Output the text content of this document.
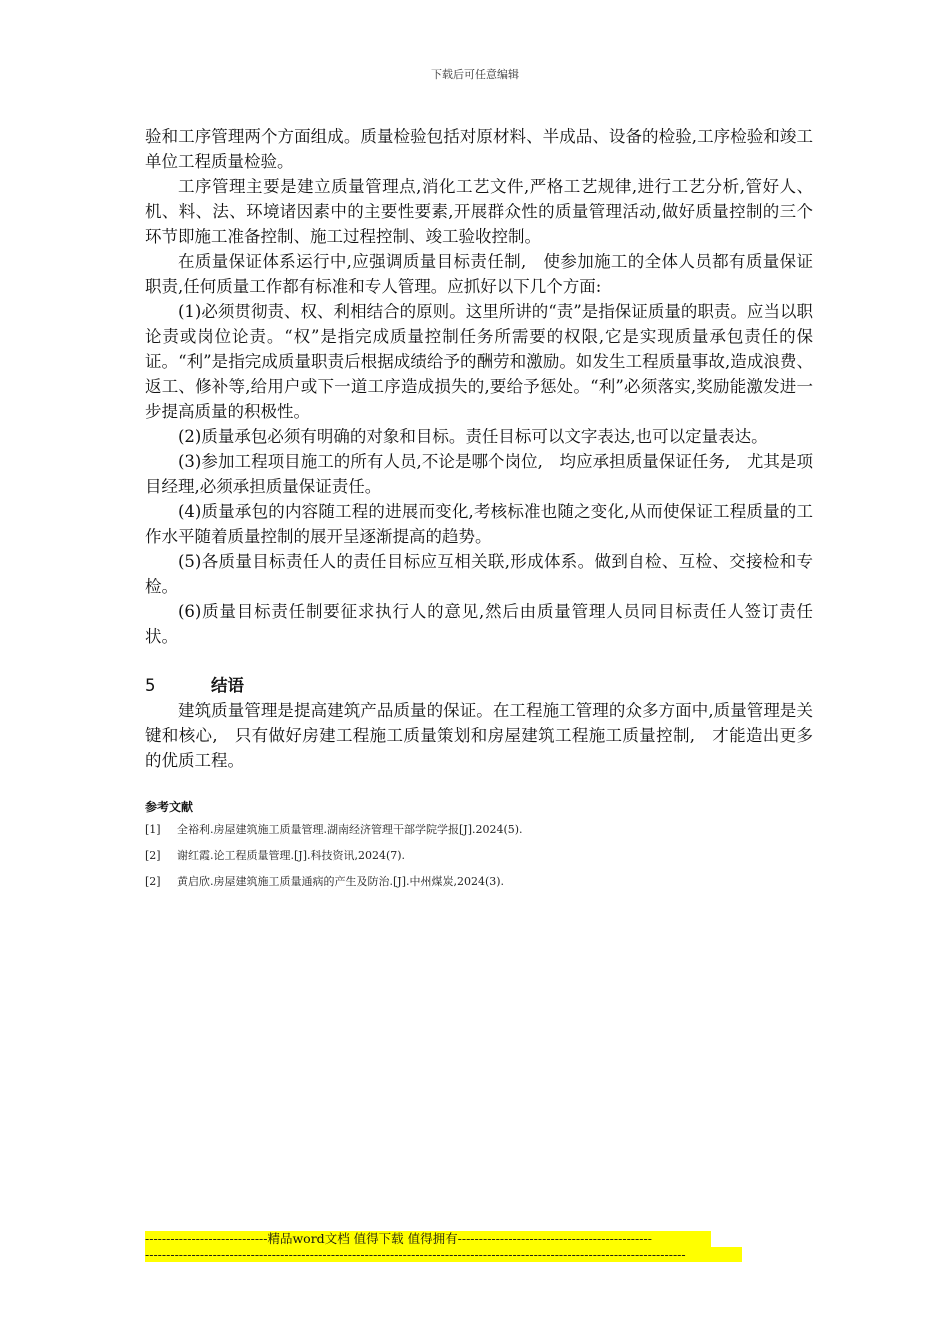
下载后可任意编辑

验和工序管理两个方面组成。质量检验包括对原材料、半成品、设备的检验,工序检验和竣工单位工程质量检验。

工序管理主要是建立质量管理点,消化工艺文件,严格工艺规律,进行工艺分析,管好人、机、料、法、环境诸因素中的主要性要素,开展群众性的质量管理活动,做好质量控制的三个环节即施工准备控制、施工过程控制、竣工验收控制。

在质量保证体系运行中,应强调质量目标责任制,　使参加施工的全体人员都有质量保证职责,任何质量工作都有标准和专人管理。应抓好以下几个方面:

(1)必须贯彻责、权、利相结合的原则。这里所讲的“责”是指保证质量的职责。应当以职论责或岗位论责。“权”是指完成质量控制任务所需要的权限,它是实现质量承包责任的保证。“利”是指完成质量职责后根据成绩给予的酬劳和激励。如发生工程质量事故,造成浪费、返工、修补等,给用户或下一道工序造成损失的,要给予惩处。“利”必须落实,奖励能激发进一步提高质量的积极性。

(2)质量承包必须有明确的对象和目标。责任目标可以文字表达,也可以定量表达。

(3)参加工程项目施工的所有人员,不论是哪个岗位,　均应承担质量保证任务,　尤其是项目经理,必须承担质量保证责任。

(4)质量承包的内容随工程的进展而变化,考核标准也随之变化,从而使保证工程质量的工作水平随着质量控制的展开呈逐渐提高的趋势。

(5)各质量目标责任人的责任目标应互相关联,形成体系。做到自检、互检、交接检和专检。

(6)质量目标责任制要征求执行人的意见,然后由质量管理人员同目标责任人签订责任状。

5	结语

建筑质量管理是提高建筑产品质量的保证。在工程施工管理的众多方面中,质量管理是关键和核心,　只有做好房建工程施工质量策划和房屋建筑工程施工质量控制,　才能造出更多的优质工程。

参考文献
[1] 全裕利.房屋建筑施工质量管理.湖南经济管理干部学院学报[J].2024(5).
[2] 谢红霞.论工程质量管理.[J].科技资讯,2024(7).
[2] 黄启欣.房屋建筑施工质量通病的产生及防治.[J].中州煤炭,2024(3).
-----------------------------精品word文档 值得下载 值得拥有----------------------------------------------
--------------------------------------------------------------------------------------------------------------------------------
